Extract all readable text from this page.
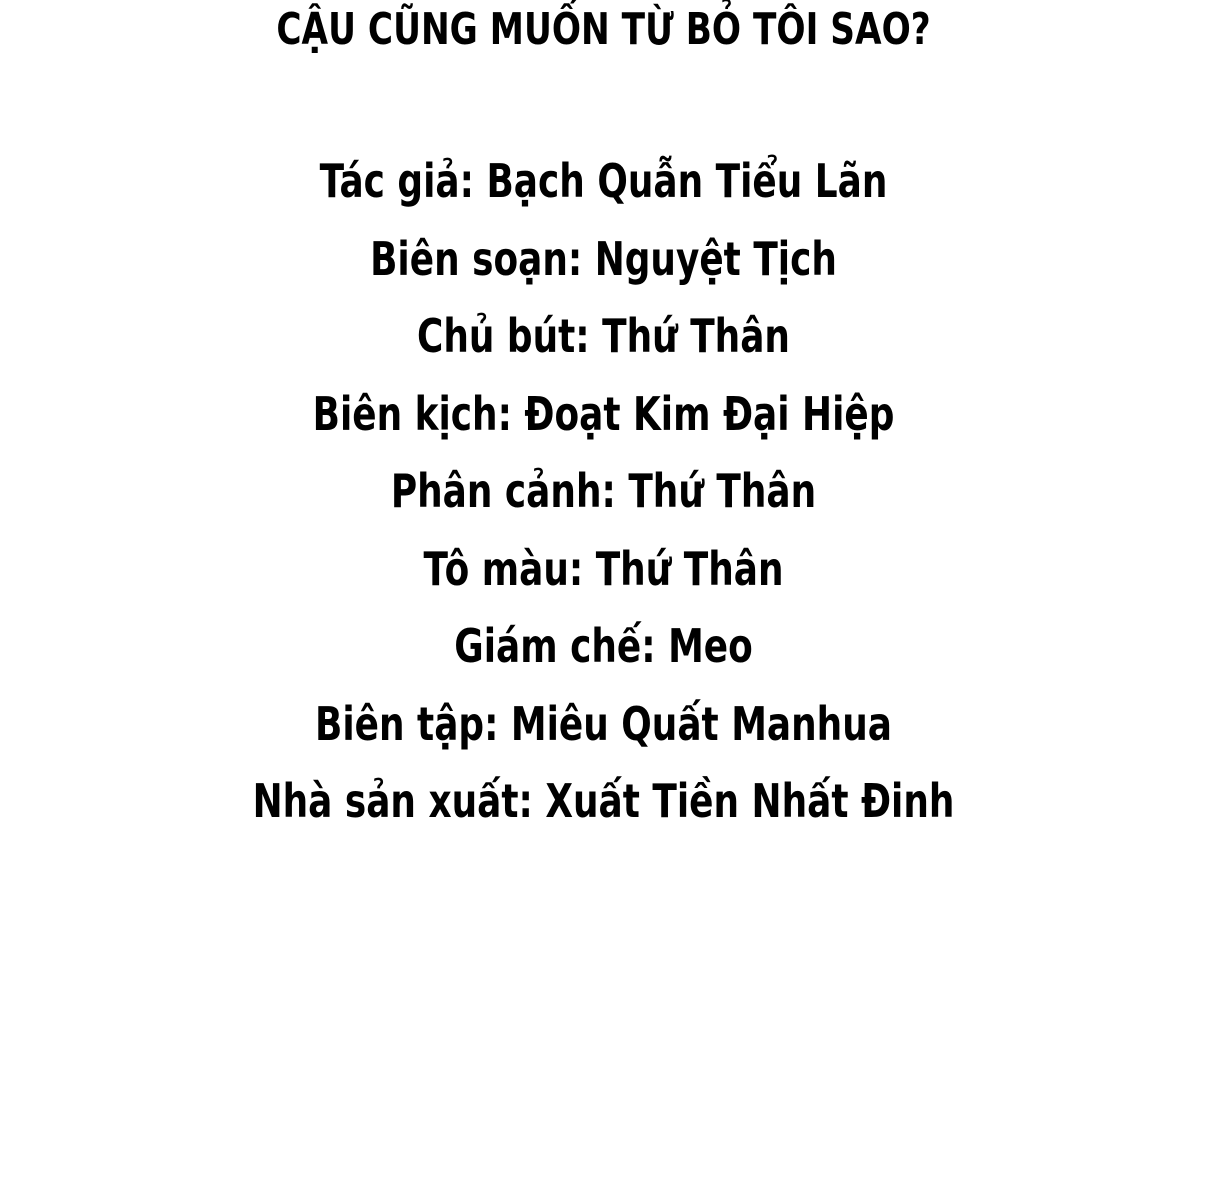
CẬU CŨNG MUỐN TỪ BỎ TÔI SAO?
Tác giả: Bạch Quẫn Tiểu Lãn
Biên soạn: Nguyệt Tịch
Chủ bút: Thứ Thân
Biên kịch: Đoạt Kim Đại Hiệp
Phân cảnh: Thứ Thân
Tô màu: Thứ Thân
Giám chế: Meo
Biên tập: Miêu Quất Manhua
Nhà sản xuất: Xuất Tiền Nhất Đinh
